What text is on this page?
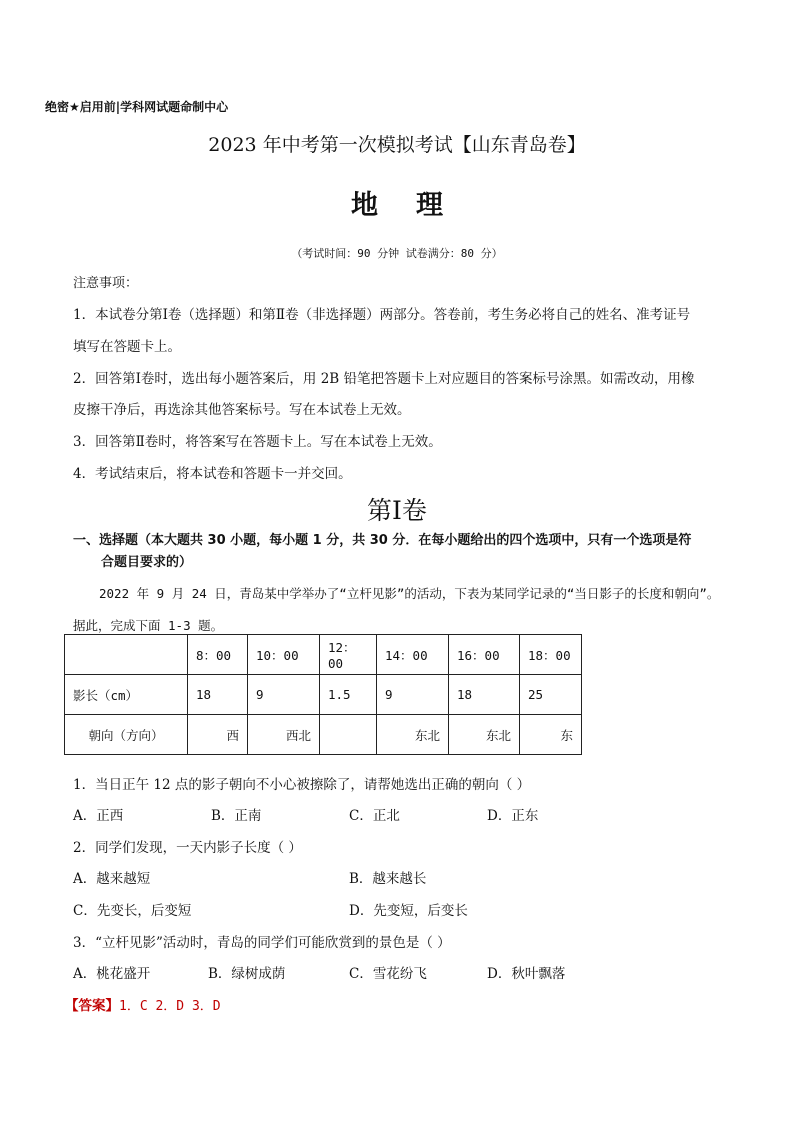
绝密★启用前|学科网试题命制中心
2023 年中考第一次模拟考试【山东青岛卷】
地理
（考试时间：90 分钟 试卷满分：80 分）
注意事项：
1．本试卷分第Ⅰ卷（选择题）和第Ⅱ卷（非选择题）两部分。答卷前，考生务必将自己的姓名、准考证号
填写在答题卡上。
2．回答第Ⅰ卷时，选出每小题答案后，用 2B 铅笔把答题卡上对应题目的答案标号涂黑。如需改动，用橡
皮擦干净后，再选涂其他答案标号。写在本试卷上无效。
3．回答第Ⅱ卷时，将答案写在答题卡上。写在本试卷上无效。
4．考试结束后，将本试卷和答题卡一并交回。
第Ⅰ卷
一、选择题（本大题共 30 小题，每小题 1 分，共 30 分．在每小题给出的四个选项中，只有一个选项是符
合题目要求的）
2022 年 9 月 24 日，青岛某中学举办了“立杆见影”的活动，下表为某同学记录的“当日影子的长度和朝向”。据此，完成下面 1-3 题。
	8：00	10：00	12：00	14：00	16：00	18：00
影长（cm）	18	9	1.5	9	18	25
朝向（方向）	西	西北		东北	东北	东
1．当日正午 12 点的影子朝向不小心被擦除了，请帮她选出正确的朝向（ ）
A．正西	B．正南	C．正北	D．正东
2．同学们发现，一天内影子长度（ ）
A．越来越短	B．越来越长
C．先变长，后变短	D．先变短，后变长
3．“立杆见影”活动时，青岛的同学们可能欣赏到的景色是（ ）
A．桃花盛开	B．绿树成荫	C．雪花纷飞	D．秋叶飘落
【答案】1．C 2．D 3．D
